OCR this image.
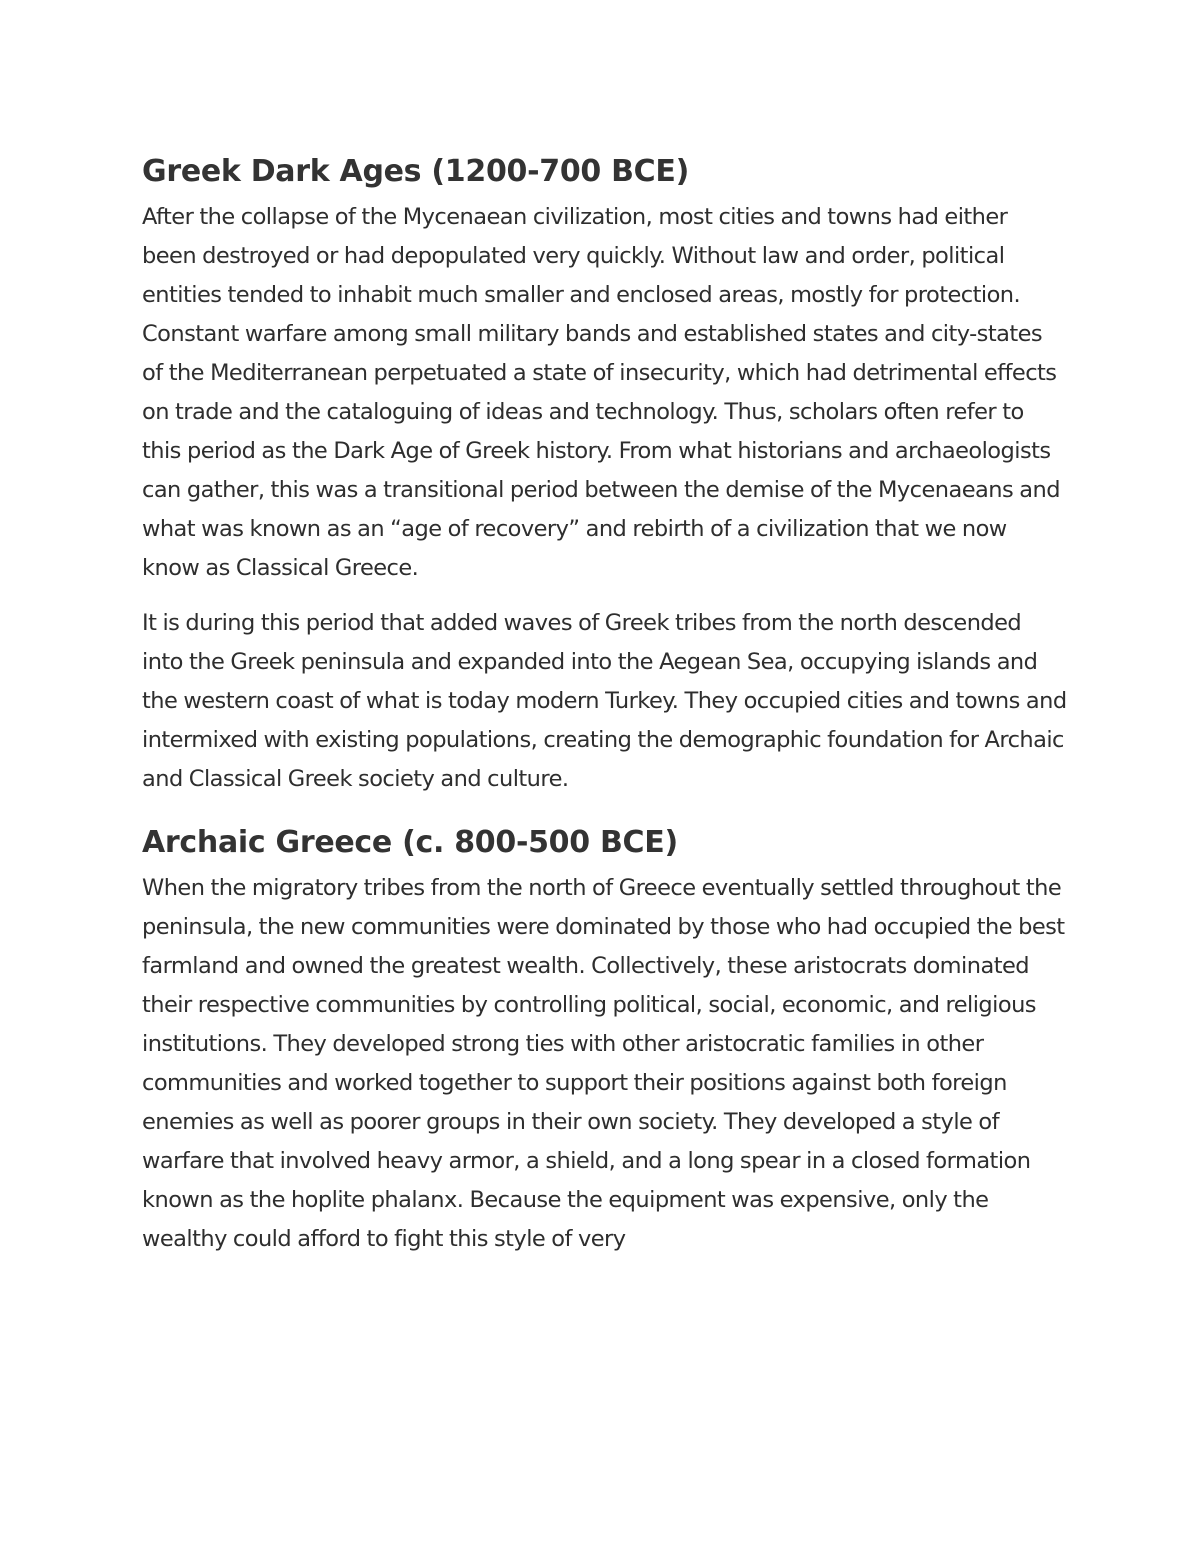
Greek Dark Ages (1200-700 BCE)

After the collapse of the Mycenaean civilization, most cities and towns had either been destroyed or had depopulated very quickly. Without law and order, political entities tended to inhabit much smaller and enclosed areas, mostly for protection. Constant warfare among small military bands and established states and city-states of the Mediterranean perpetuated a state of insecurity, which had detrimental effects on trade and the cataloguing of ideas and technology. Thus, scholars often refer to this period as the Dark Age of Greek history. From what historians and archaeologists can gather, this was a transitional period between the demise of the Mycenaeans and what was known as an “age of recovery” and rebirth of a civilization that we now know as Classical Greece.

It is during this period that added waves of Greek tribes from the north descended into the Greek peninsula and expanded into the Aegean Sea, occupying islands and the western coast of what is today modern Turkey. They occupied cities and towns and intermixed with existing populations, creating the demographic foundation for Archaic and Classical Greek society and culture.

Archaic Greece (c. 800-500 BCE)

When the migratory tribes from the north of Greece eventually settled throughout the peninsula, the new communities were dominated by those who had occupied the best farmland and owned the greatest wealth. Collectively, these aristocrats dominated their respective communities by controlling political, social, economic, and religious institutions. They developed strong ties with other aristocratic families in other communities and worked together to support their positions against both foreign enemies as well as poorer groups in their own society. They developed a style of warfare that involved heavy armor, a shield, and a long spear in a closed formation known as the hoplite phalanx. Because the equipment was expensive, only the wealthy could afford to fight this style of very
